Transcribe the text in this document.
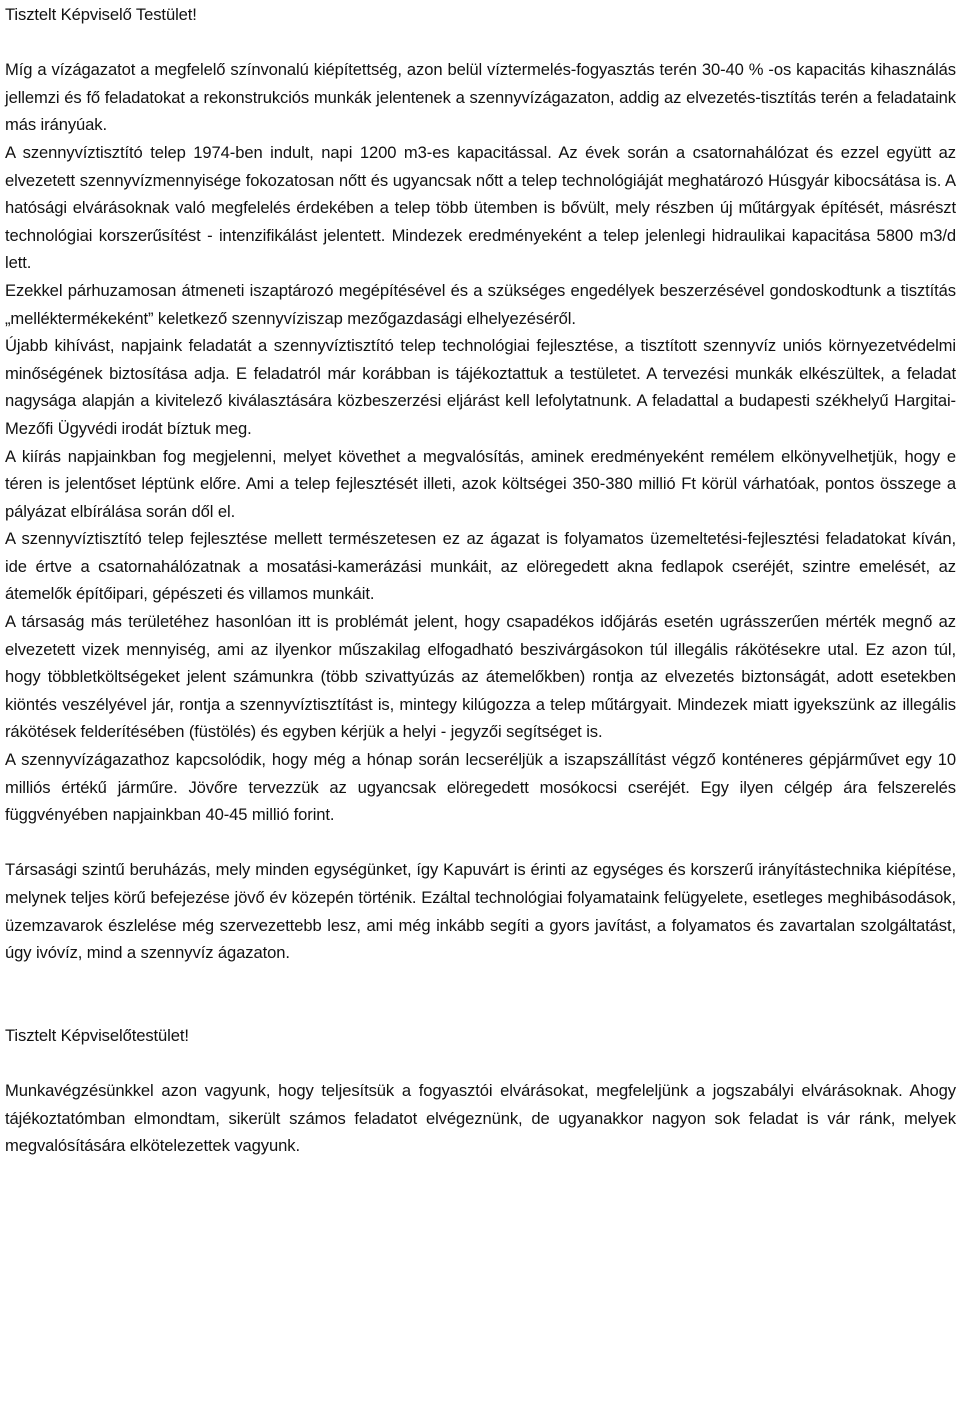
Tisztelt Képviselő Testület!

Míg a vízágazatot a megfelelő színvonalú kiépítettség, azon belül víztermelés-fogyasztás terén 30-40 % -os kapacitás kihasználás jellemzi és fő feladatokat a rekonstrukciós munkák jelentenek a szennyvízágazaton, addig az elvezetés-tisztítás terén a feladataink más irányúak.

A szennyvíztisztító telep 1974-ben indult, napi 1200 m3-es kapacitással. Az évek során a csatornahálózat és ezzel együtt az elvezetett szennyvízmennyisége fokozatosan nőtt és ugyancsak nőtt a telep technológiáját meghatározó Húsgyár kibocsátása is. A hatósági elvárásoknak való megfelelés érdekében a telep több ütemben is bővült, mely részben új műtárgyak építését, másrészt technológiai korszerűsítést - intenzifikálást jelentett. Mindezek eredményeként a telep jelenlegi hidraulikai kapacitása 5800 m3/d lett.

Ezekkel párhuzamosan átmeneti iszaptározó megépítésével és a szükséges engedélyek beszerzésével gondoskodtunk a tisztítás „melléktermékeként” keletkező szennyvíziszap mezőgazdasági elhelyezéséről.

Újabb kihívást, napjaink feladatát a szennyvíztisztító telep technológiai fejlesztése, a tisztított szennyvíz uniós környezetvédelmi minőségének biztosítása adja. E feladatról már korábban is tájékoztattuk a testületet. A tervezési munkák elkészültek, a feladat nagysága alapján a kivitelező kiválasztására közbeszerzési eljárást kell lefolytatnunk. A feladattal a budapesti székhelyű Hargitai-Mezőfi Ügyvédi irodát bíztuk meg.

A kiírás napjainkban fog megjelenni, melyet követhet a megvalósítás, aminek eredményeként remélem elkönyvelhetjük, hogy e téren is jelentőset léptünk előre. Ami a telep fejlesztését illeti, azok költségei 350-380 millió Ft körül várhatóak, pontos összege a pályázat elbírálása során dől el.

A szennyvíztisztító telep fejlesztése mellett természetesen ez az ágazat is folyamatos üzemeltetési-fejlesztési feladatokat kíván, ide értve a csatornahálózatnak a mosatási-kamerázási munkáit, az elöregedett akna fedlapok cseréjét, szintre emelését, az átemelők építőipari, gépészeti és villamos munkáit.

A társaság más területéhez hasonlóan itt is problémát jelent, hogy csapadékos időjárás esetén ugrásszerűen mérték megnő az elvezetett vizek mennyiség, ami az ilyenkor műszakilag elfogadható beszivárgásokon túl illegális rákötésekre utal. Ez azon túl, hogy többletköltségeket jelent számunkra (több szivattyúzás az átemelőkben) rontja az elvezetés biztonságát, adott esetekben kiöntés veszélyével jár, rontja a szennyvíztisztítást is, mintegy kilúgozza a telep műtárgyait. Mindezek miatt igyekszünk az illegális rákötések felderítésében (füstölés) és egyben kérjük a helyi - jegyzői segítséget is.

A szennyvízágazathoz kapcsolódik, hogy még a hónap során lecseréljük a iszapszállítást végző konténeres gépjárművet egy 10 milliós értékű járműre. Jövőre tervezzük az ugyancsak elöregedett mosókocsi cseréjét. Egy ilyen célgép ára felszerelés függvényében napjainkban 40-45 millió forint.

Társasági szintű beruházás, mely minden egységünket, így Kapuvárt is érinti az egységes és korszerű irányítástechnika kiépítése, melynek teljes körű befejezése jövő év közepén történik. Ezáltal technológiai folyamataink felügyelete, esetleges meghibásodások, üzemzavarok észlelése még szervezettebb lesz, ami még inkább segíti a gyors javítást, a folyamatos és zavartalan szolgáltatást, úgy ivóvíz, mind a szennyvíz ágazaton.

Tisztelt Képviselőtestület!

Munkavégzésünkkel azon vagyunk, hogy teljesítsük a fogyasztói elvárásokat, megfeleljünk a jogszabályi elvárásoknak. Ahogy tájékoztatómban elmondtam, sikerült számos feladatot elvégeznünk, de ugyanakkor nagyon sok feladat is vár ránk, melyek megvalósítására elkötelezettek vagyunk.
